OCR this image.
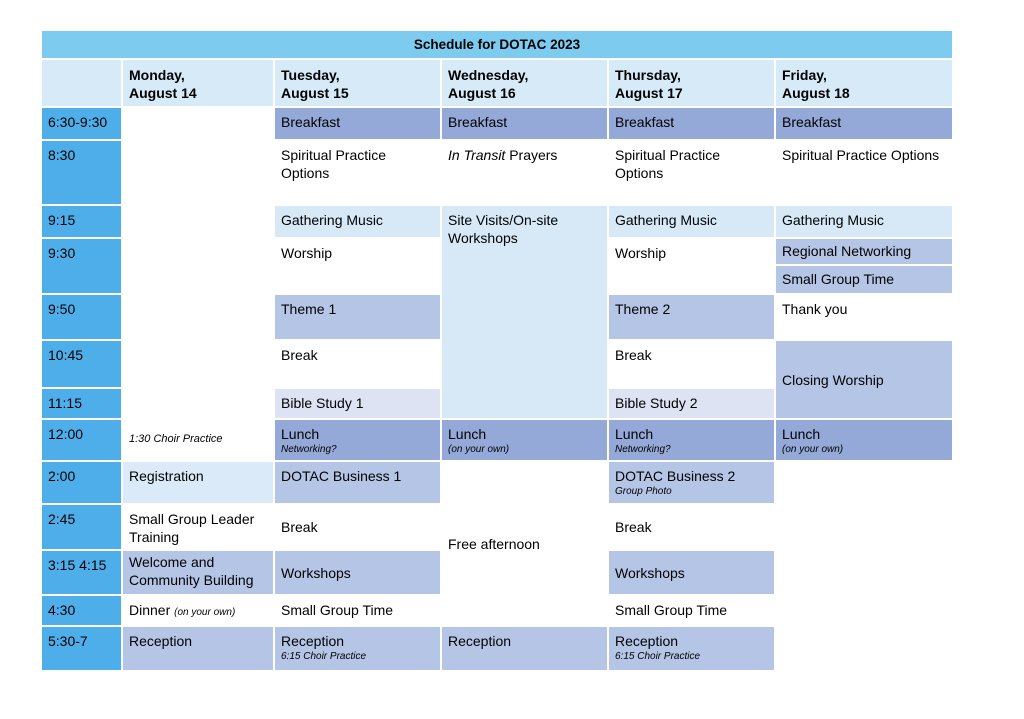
Schedule for DOTAC 2023
Monday,
August 14
Tuesday,
August 15
Wednesday,
August 16
Thursday,
August 17
Friday,
August 18
6:30-9:30
8:30
9:15
9:30
9:50
10:45
11:15
12:00
2:00
2:45
3:15 4:15
4:30
5:30-7
1:30 Choir Practice
Registration
Small Group Leader Training
Welcome and Community Building
Dinner (on your own)
Reception
Breakfast
Spiritual Practice Options
Gathering Music
Worship
Theme 1
Break
Bible Study 1
Lunch
Networking?
DOTAC Business 1
Break
Workshops
Small Group Time
Reception
6:15 Choir Practice
Breakfast
In Transit Prayers
Site Visits/On-site Workshops
Lunch
(on your own)
Free afternoon
Reception
Breakfast
Spiritual Practice Options
Gathering Music
Worship
Theme 2
Break
Bible Study 2
Lunch
Networking?
DOTAC Business 2
Group Photo
Break
Workshops
Small Group Time
Reception
6:15 Choir Practice
Breakfast
Spiritual Practice Options
Gathering Music
Regional Networking
Small Group Time
Thank you
Closing Worship
Lunch
(on your own)
